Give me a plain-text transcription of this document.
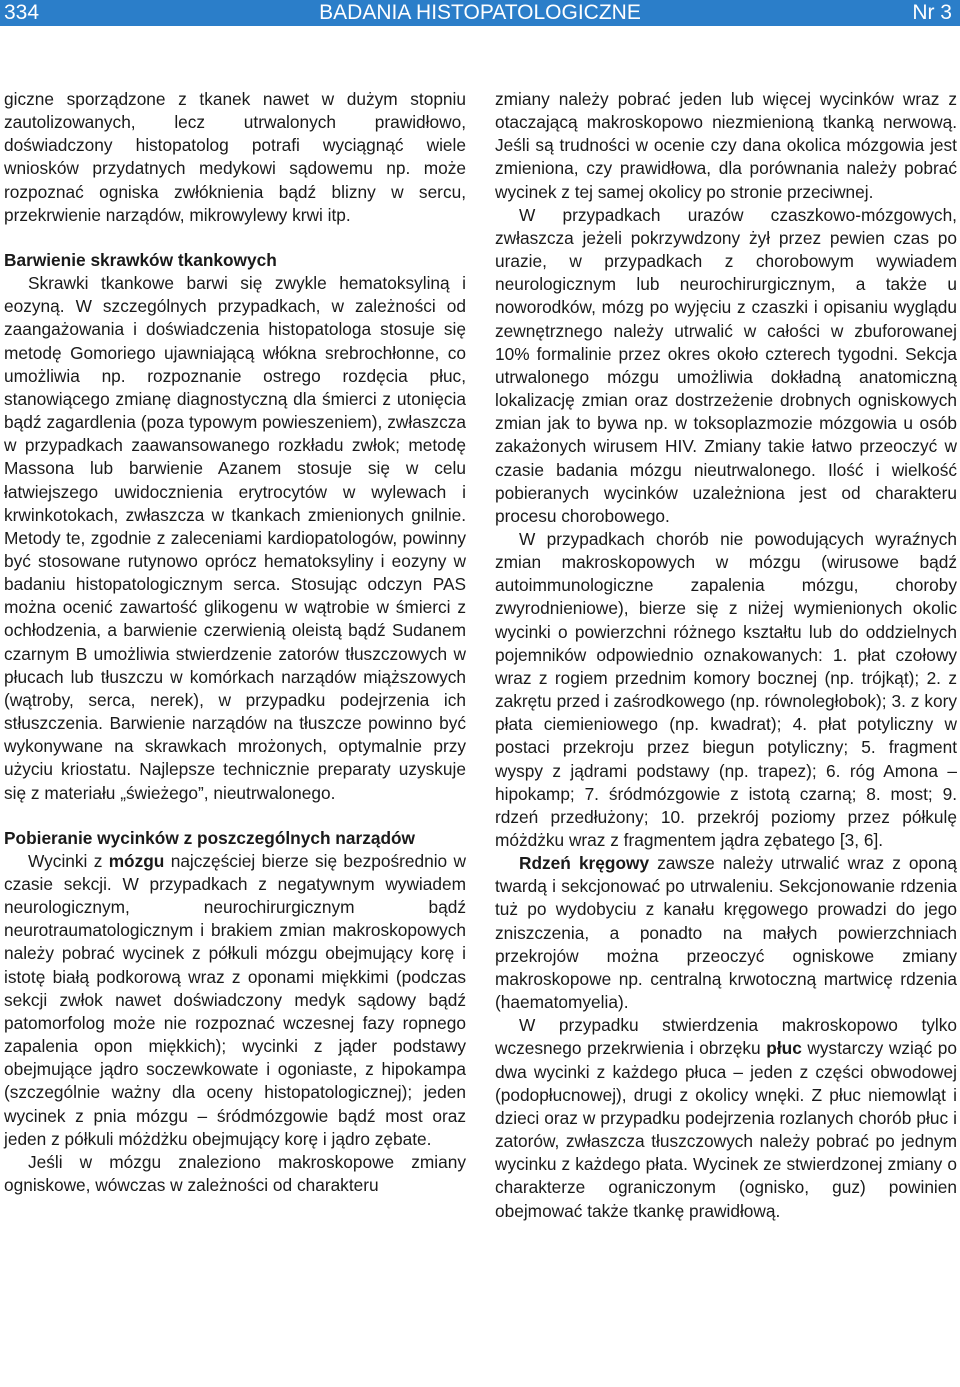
334	BADANIA HISTOPATOLOGICZNE	Nr 3

giczne sporządzone z tkanek nawet w dużym stopniu zautolizowanych, lecz utrwalonych prawidłowo, doświadczony histopatolog potrafi wyciągnąć wiele wniosków przydatnych medykowi sądowemu np. może rozpoznać ogniska zwłóknienia bądź blizny w sercu, przekrwienie narządów, mikrowylewy krwi itp.

Barwienie skrawków tkankowych

Skrawki tkankowe barwi się zwykle hematoksyliną i eozyną. W szczególnych przypadkach, w zależności od zaangażowania i doświadczenia histopatologa stosuje się metodę Gomoriego ujawniającą włókna srebrochłonne, co umożliwia np. rozpoznanie ostrego rozdęcia płuc, stanowiącego zmianę diagnostyczną dla śmierci z utonięcia bądź zagardlenia (poza typowym powieszeniem), zwłaszcza w przypadkach zaawansowanego rozkładu zwłok; metodę Massona lub barwienie Azanem stosuje się w celu łatwiejszego uwidocznienia erytrocytów w wylewach i krwinkotokach, zwłaszcza w tkankach zmienionych gnilnie. Metody te, zgodnie z zaleceniami kardiopatologów, powinny być stosowane rutynowo oprócz hematoksyliny i eozyny w badaniu histopatologicznym serca. Stosując odczyn PAS można ocenić zawartość glikogenu w wątrobie w śmierci z ochłodzenia, a barwienie czerwienią oleistą bądź Sudanem czarnym B umożliwia stwierdzenie zatorów tłuszczowych w płucach lub tłuszczu w komórkach narządów miąższowych (wątroby, serca, nerek), w przypadku podejrzenia ich stłuszczenia. Barwienie narządów na tłuszcze powinno być wykonywane na skrawkach mrożonych, optymalnie przy użyciu kriostatu. Najlepsze technicznie preparaty uzyskuje się z materiału „świeżego”, nieutrwalonego.

Pobieranie wycinków z poszczególnych narządów

Wycinki z mózgu najczęściej bierze się bezpośrednio w czasie sekcji. W przypadkach z negatywnym wywiadem neurologicznym, neurochirurgicznym bądź neurotraumatologicznym i brakiem zmian makroskopowych należy pobrać wycinek z półkuli mózgu obejmujący korę i istotę białą podkorową wraz z oponami miękkimi (podczas sekcji zwłok nawet doświadczony medyk sądowy bądź patomorfolog może nie rozpoznać wczesnej fazy ropnego zapalenia opon miękkich); wycinki z jąder podstawy obejmujące jądro soczewkowate i ogoniaste, z hipokampa (szczególnie ważny dla oceny histopatologicznej); jeden wycinek z pnia mózgu – śródmózgowie bądź most oraz jeden z półkuli móżdżku obejmujący korę i jądro zębate.

Jeśli w mózgu znaleziono makroskopowe zmiany ogniskowe, wówczas w zależności od charakteru

zmiany należy pobrać jeden lub więcej wycinków wraz z otaczającą makroskopowo niezmienioną tkanką nerwową. Jeśli są trudności w ocenie czy dana okolica mózgowia jest zmieniona, czy prawidłowa, dla porównania należy pobrać wycinek z tej samej okolicy po stronie przeciwnej.

W przypadkach urazów czaszkowo-mózgowych, zwłaszcza jeżeli pokrzywdzony żył przez pewien czas po urazie, w przypadkach z chorobowym wywiadem neurologicznym lub neurochirurgicznym, a także u noworodków, mózg po wyjęciu z czaszki i opisaniu wyglądu zewnętrznego należy utrwalić w całości w zbuforowanej 10% formalinie przez okres około czterech tygodni. Sekcja utrwalonego mózgu umożliwia dokładną anatomiczną lokalizację zmian oraz dostrzeżenie drobnych ogniskowych zmian jak to bywa np. w toksoplazmozie mózgowia u osób zakażonych wirusem HIV. Zmiany takie łatwo przeoczyć w czasie badania mózgu nieutrwalonego. Ilość i wielkość pobieranych wycinków uzależniona jest od charakteru procesu chorobowego.

W przypadkach chorób nie powodujących wyraźnych zmian makroskopowych w mózgu (wirusowe bądź autoimmunologiczne zapalenia mózgu, choroby zwyrodnieniowe), bierze się z niżej wymienionych okolic wycinki o powierzchni różnego kształtu lub do oddzielnych pojemników odpowiednio oznakowanych: 1. płat czołowy wraz z rogiem przednim komory bocznej (np. trójkąt); 2. z zakrętu przed i zaśrodkowego (np. równoległobok); 3. z kory płata ciemieniowego (np. kwadrat); 4. płat potyliczny w postaci przekroju przez biegun potyliczny; 5. fragment wyspy z jądrami podstawy (np. trapez); 6. róg Amona – hipokamp; 7. śródmózgowie z istotą czarną; 8. most; 9. rdzeń przedłużony; 10. przekrój poziomy przez półkulę móżdżku wraz z fragmentem jądra zębatego [3, 6].

Rdzeń kręgowy zawsze należy utrwalić wraz z oponą twardą i sekcjonować po utrwaleniu. Sekcjonowanie rdzenia tuż po wydobyciu z kanału kręgowego prowadzi do jego zniszczenia, a ponadto na małych powierzchniach przekrojów można przeoczyć ogniskowe zmiany makroskopowe np. centralną krwotoczną martwicę rdzenia (haematomyelia).

W przypadku stwierdzenia makroskopowo tylko wczesnego przekrwienia i obrzęku płuc wystarczy wziąć po dwa wycinki z każdego płuca – jeden z części obwodowej (podopłucnowej), drugi z okolicy wnęki. Z płuc niemowląt i dzieci oraz w przypadku podejrzenia rozlanych chorób płuc i zatorów, zwłaszcza tłuszczowych należy pobrać po jednym wycinku z każdego płata. Wycinek ze stwierdzonej zmiany o charakterze ograniczonym (ognisko, guz) powinien obejmować także tkankę prawidłową.
